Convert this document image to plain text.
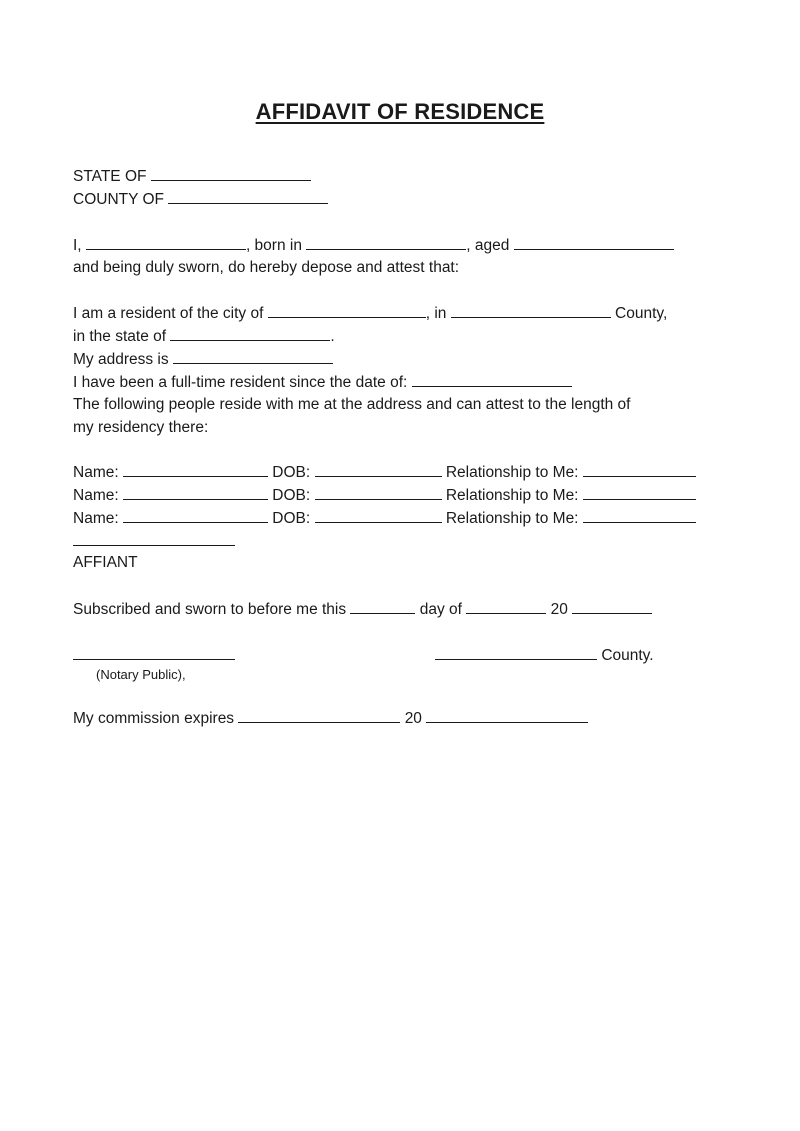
AFFIDAVIT OF RESIDENCE
STATE OF
COUNTY OF
I,	, born in	, aged
and being duly sworn, do hereby depose and attest that:
I am a resident of the city of	, in	County,
in the state of	.
My address is
I have been a full-time resident since the date of:
The following people reside with me at the address and can attest to the length of
my residency there:
Name:	DOB:	Relationship to Me:
Name:	DOB:	Relationship to Me:
Name:	DOB:	Relationship to Me:
AFFIANT
Subscribed and sworn to before me this	day of	20
County.
(Notary Public),
My commission expires	20
